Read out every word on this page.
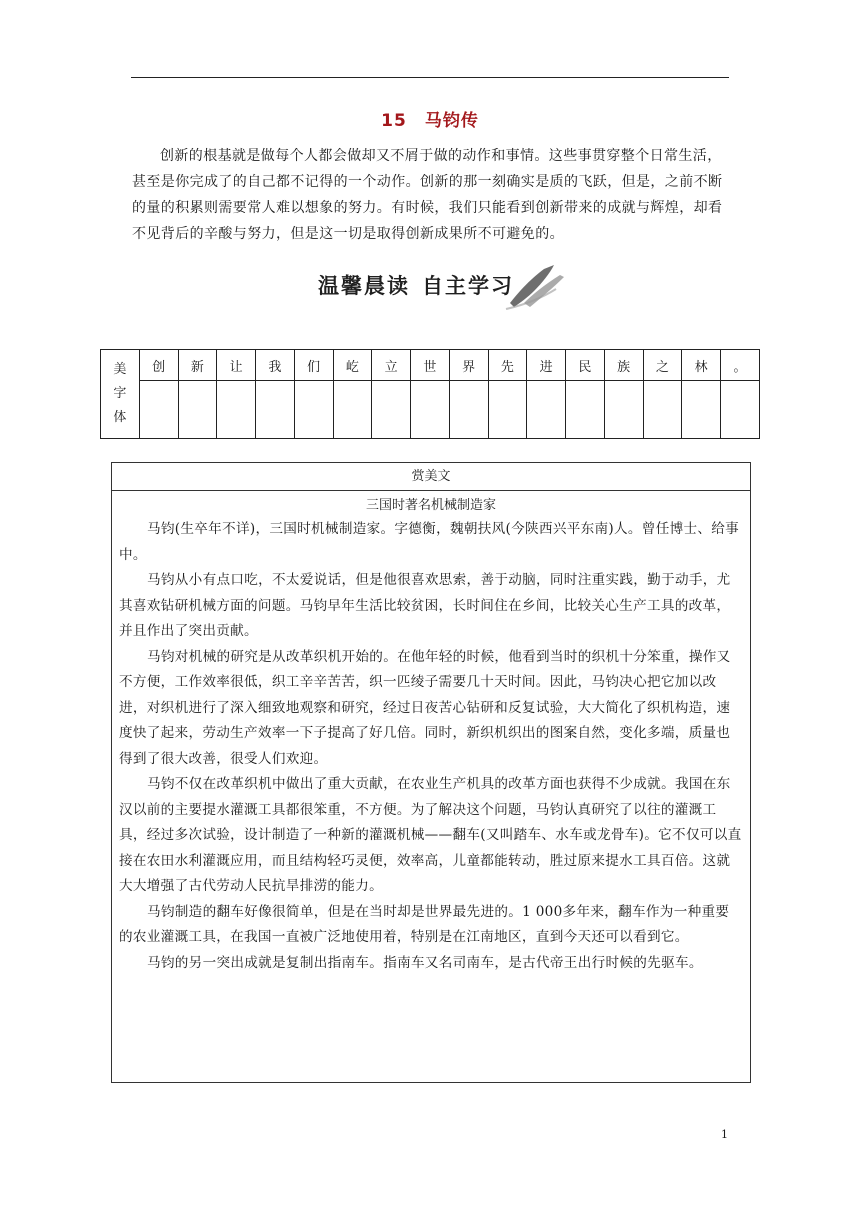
15 马钧传

创新的根基就是做每个人都会做却又不屑于做的动作和事情。这些事贯穿整个日常生活，甚至是你完成了的自己都不记得的一个动作。创新的那一刻确实是质的飞跃，但是，之前不断的量的积累则需要常人难以想象的努力。有时候，我们只能看到创新带来的成就与辉煌，却看不见背后的辛酸与努力，但是这一切是取得创新成果所不可避免的。

温馨晨读 自主学习
美
字
体	创	新	让	我	们	屹	立	世	界	先	进	民	族	之	林	。

赏美文
三国时著名机械制造家

马钧(生卒年不详)，三国时机械制造家。字德衡，魏朝扶风(今陕西兴平东南)人。曾任博士、给事中。

马钧从小有点口吃，不太爱说话，但是他很喜欢思索，善于动脑，同时注重实践，勤于动手，尤其喜欢钻研机械方面的问题。马钧早年生活比较贫困，长时间住在乡间，比较关心生产工具的改革，并且作出了突出贡献。

马钧对机械的研究是从改革织机开始的。在他年轻的时候，他看到当时的织机十分笨重，操作又不方便，工作效率很低，织工辛辛苦苦，织一匹绫子需要几十天时间。因此，马钧决心把它加以改进，对织机进行了深入细致地观察和研究，经过日夜苦心钻研和反复试验，大大简化了织机构造，速度快了起来，劳动生产效率一下子提高了好几倍。同时，新织机织出的图案自然，变化多端，质量也得到了很大改善，很受人们欢迎。

马钧不仅在改革织机中做出了重大贡献，在农业生产机具的改革方面也获得不少成就。我国在东汉以前的主要提水灌溉工具都很笨重，不方便。为了解决这个问题，马钧认真研究了以往的灌溉工具，经过多次试验，设计制造了一种新的灌溉机械——翻车(又叫踏车、水车或龙骨车)。它不仅可以直接在农田水利灌溉应用，而且结构轻巧灵便，效率高，儿童都能转动，胜过原来提水工具百倍。这就大大增强了古代劳动人民抗旱排涝的能力。

马钧制造的翻车好像很简单，但是在当时却是世界最先进的。1 000多年来，翻车作为一种重要的农业灌溉工具，在我国一直被广泛地使用着，特别是在江南地区，直到今天还可以看到它。

马钧的另一突出成就是复制出指南车。指南车又名司南车，是古代帝王出行时候的先驱车。

1
